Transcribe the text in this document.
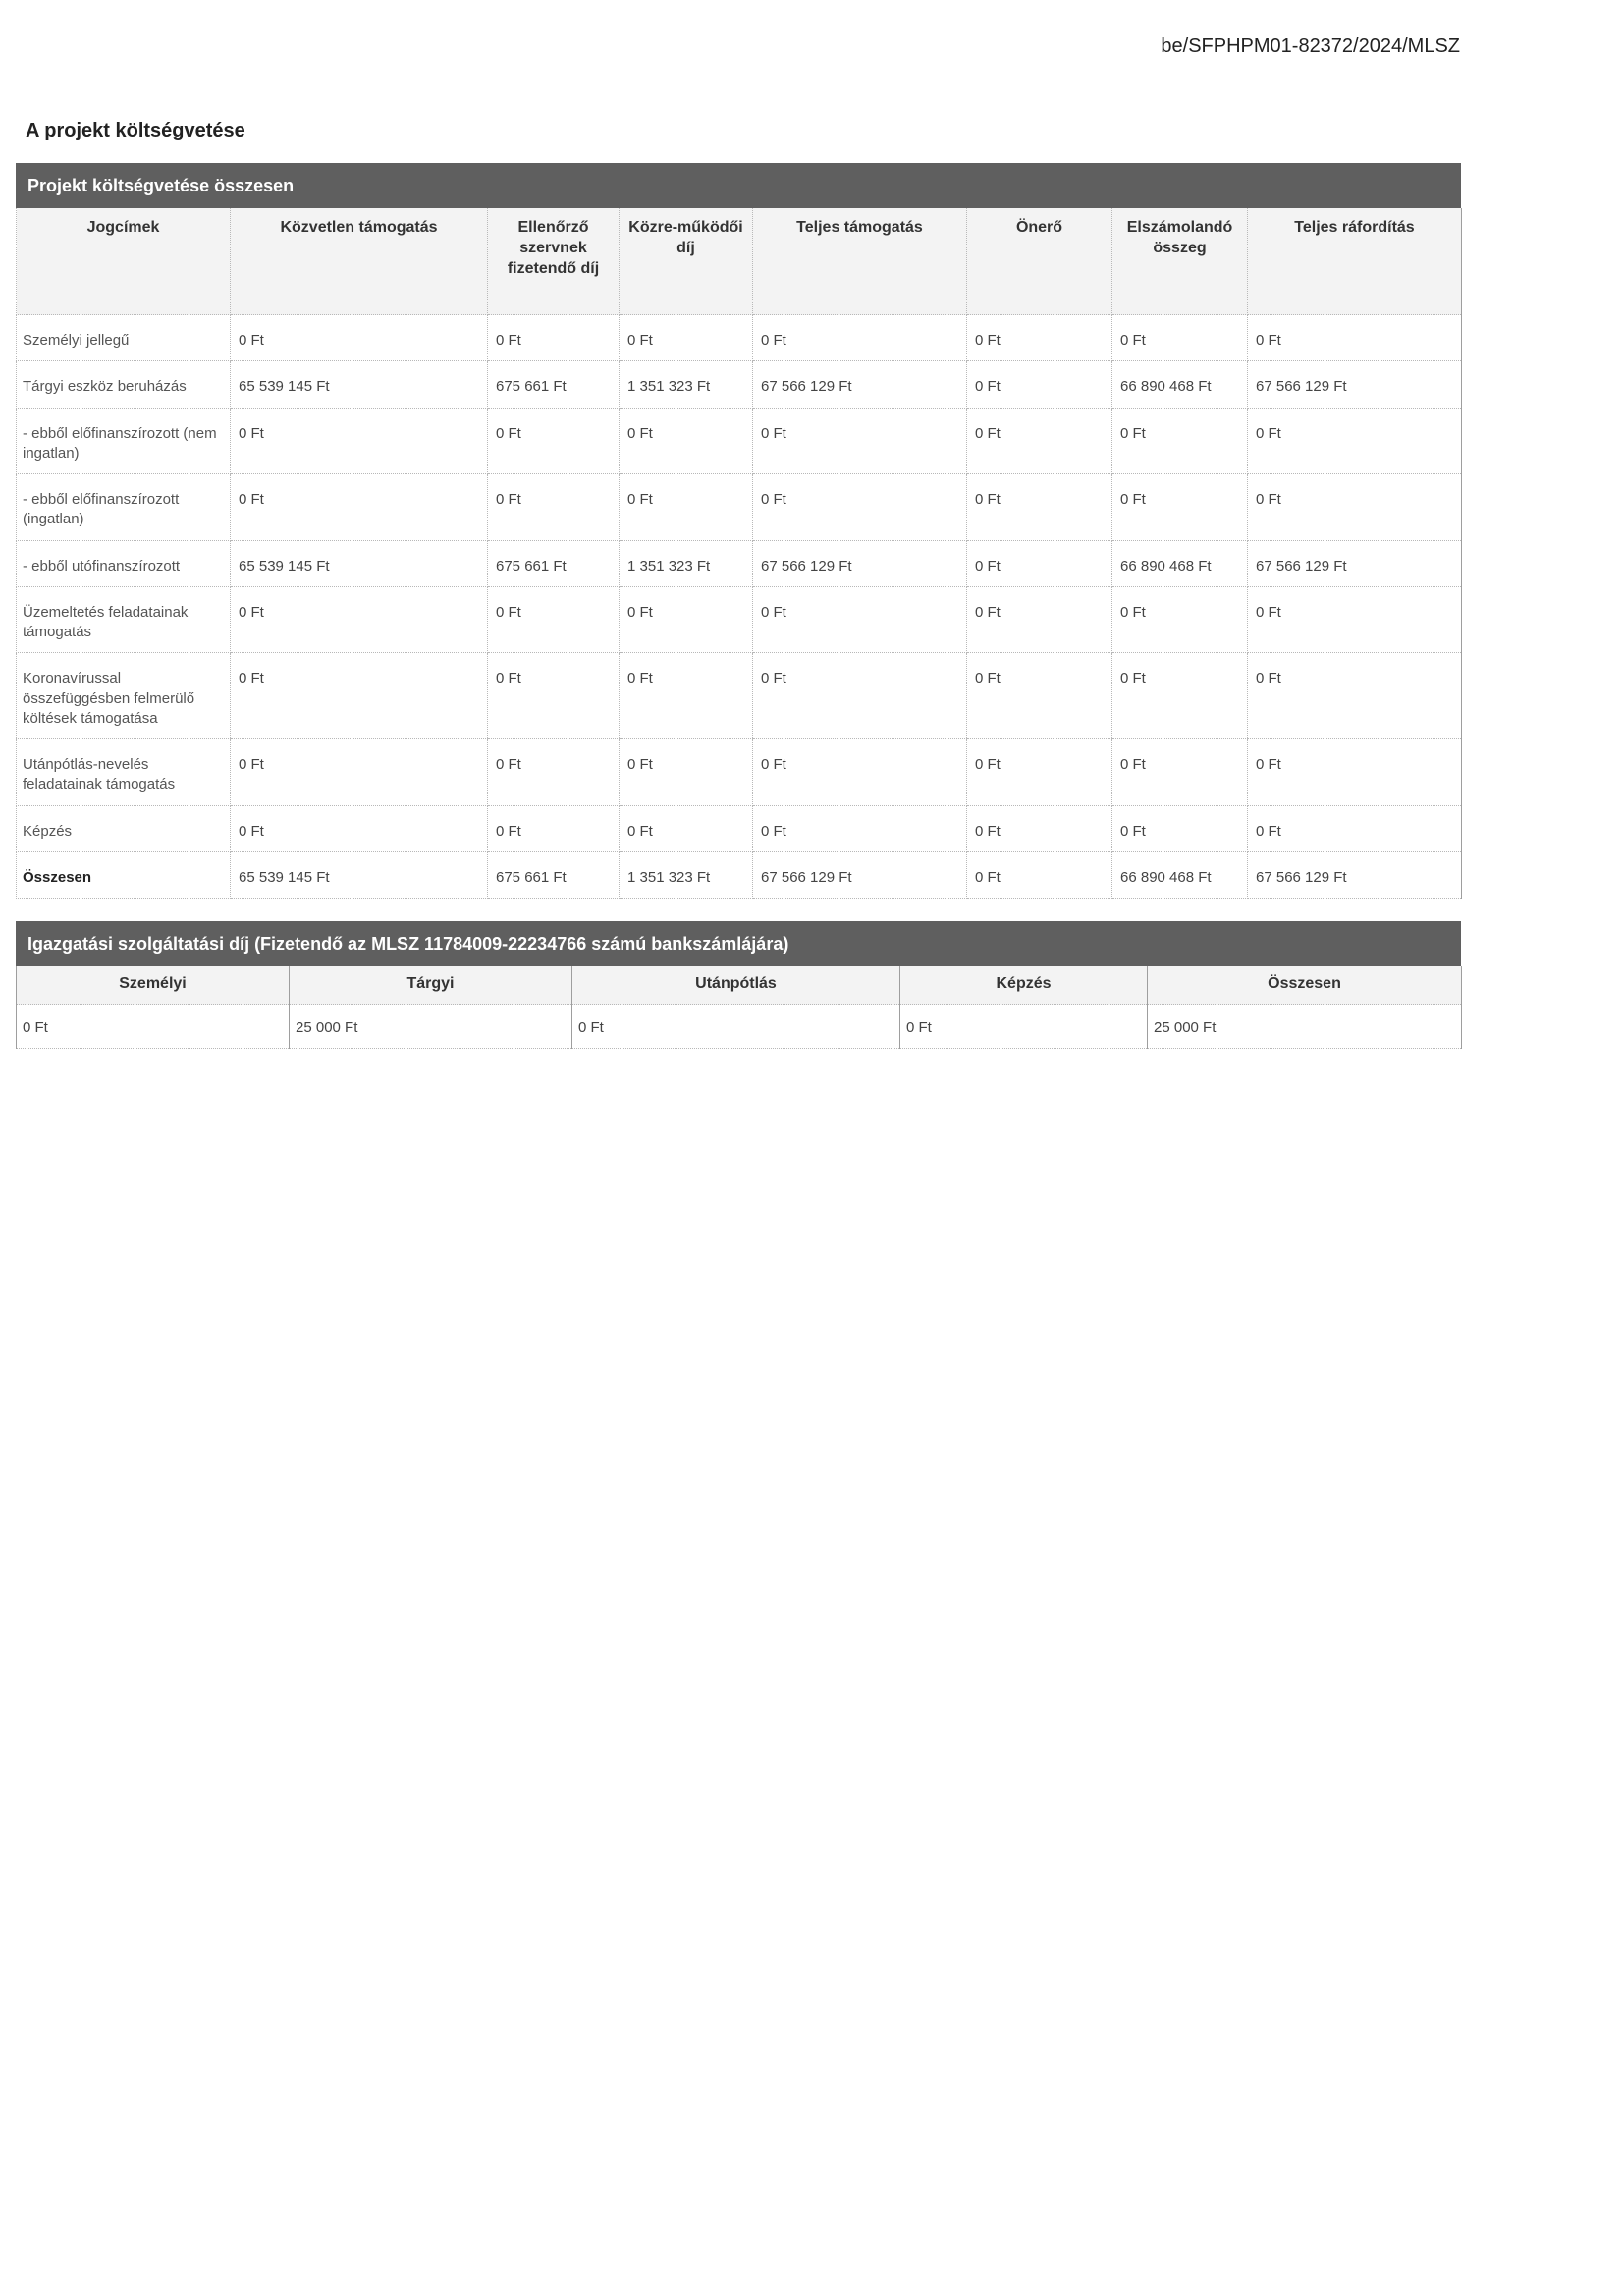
be/SFPHPM01-82372/2024/MLSZ
A projekt költségvetése
Projekt költségvetése összesen
Jogcímek	Közvetlen támogatás	Ellenőrző szervnek fizetendő díj	Közre-működői díj	Teljes támogatás	Önerő	Elszámolandó összeg	Teljes ráfordítás
Személyi jellegű	0 Ft	0 Ft	0 Ft	0 Ft	0 Ft	0 Ft	0 Ft
Tárgyi eszköz beruházás	65 539 145 Ft	675 661 Ft	1 351 323 Ft	67 566 129 Ft	0 Ft	66 890 468 Ft	67 566 129 Ft
- ebből előfinanszírozott (nem ingatlan)	0 Ft	0 Ft	0 Ft	0 Ft	0 Ft	0 Ft	0 Ft
- ebből előfinanszírozott (ingatlan)	0 Ft	0 Ft	0 Ft	0 Ft	0 Ft	0 Ft	0 Ft
- ebből utófinanszírozott	65 539 145 Ft	675 661 Ft	1 351 323 Ft	67 566 129 Ft	0 Ft	66 890 468 Ft	67 566 129 Ft
Üzemeltetés feladatainak támogatás	0 Ft	0 Ft	0 Ft	0 Ft	0 Ft	0 Ft	0 Ft
Koronavírussal összefüggésben felmerülő költések támogatása	0 Ft	0 Ft	0 Ft	0 Ft	0 Ft	0 Ft	0 Ft
Utánpótlás-nevelés feladatainak támogatás	0 Ft	0 Ft	0 Ft	0 Ft	0 Ft	0 Ft	0 Ft
Képzés	0 Ft	0 Ft	0 Ft	0 Ft	0 Ft	0 Ft	0 Ft
Összesen	65 539 145 Ft	675 661 Ft	1 351 323 Ft	67 566 129 Ft	0 Ft	66 890 468 Ft	67 566 129 Ft
Igazgatási szolgáltatási díj (Fizetendő az MLSZ 11784009-22234766 számú bankszámlájára)
Személyi	Tárgyi	Utánpótlás	Képzés	Összesen
0 Ft	25 000 Ft	0 Ft	0 Ft	25 000 Ft
